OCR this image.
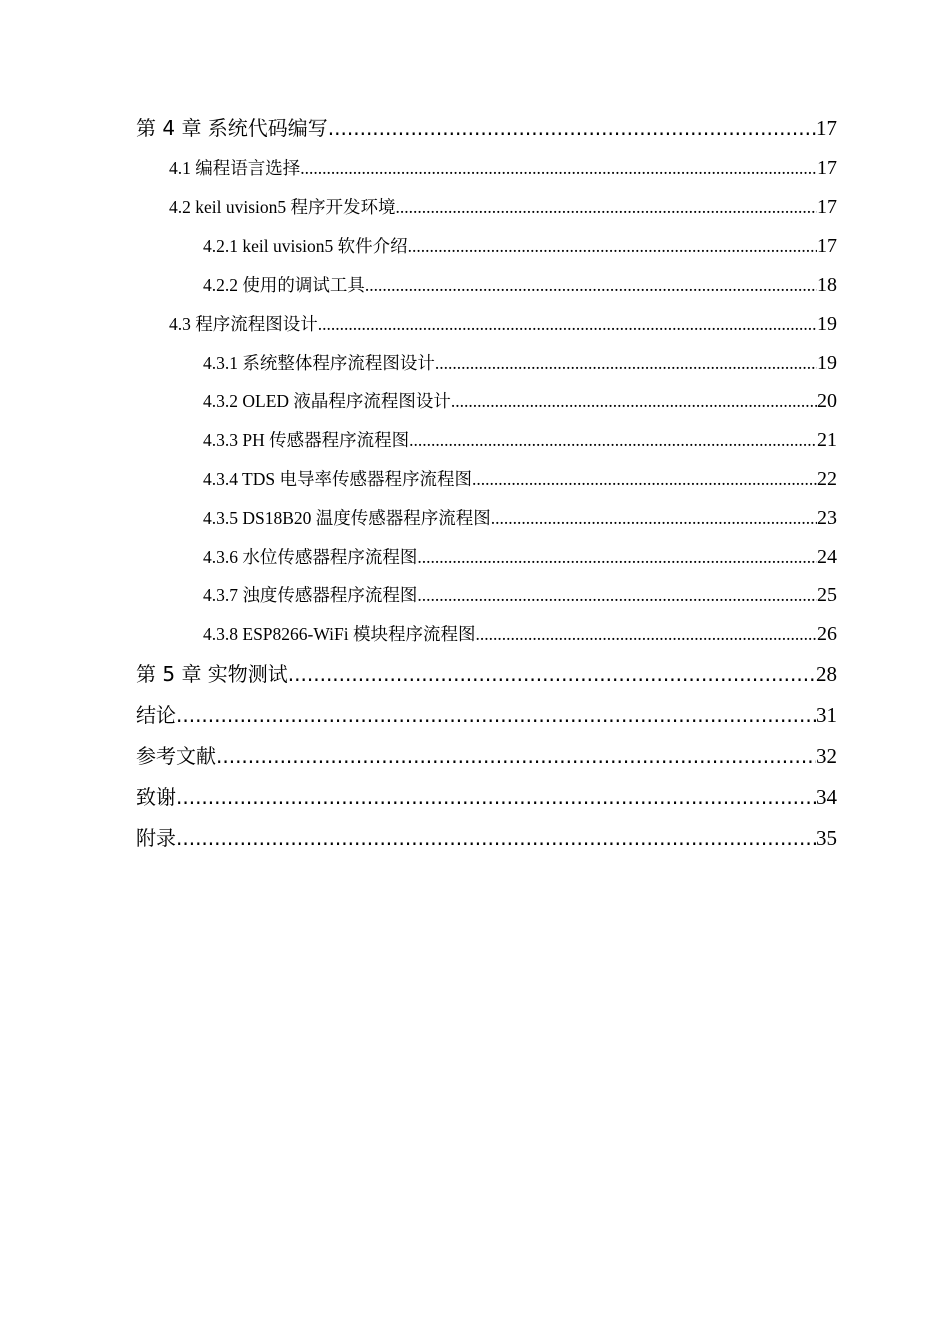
第 4 章 系统代码编写 .....	17
4.1 编程语言选择 .....	17
4.2 keil uvision5 程序开发环境 .....	17
4.2.1 keil uvision5 软件介绍 .....	17
4.2.2 使用的调试工具 .....	18
4.3 程序流程图设计 .....	19
4.3.1 系统整体程序流程图设计 .....	19
4.3.2 OLED 液晶程序流程图设计 .....	20
4.3.3 PH 传感器程序流程图 .....	21
4.3.4 TDS 电导率传感器程序流程图 .....	22
4.3.5 DS18B20 温度传感器程序流程图 .....	23
4.3.6 水位传感器程序流程图 .....	24
4.3.7 浊度传感器程序流程图 .....	25
4.3.8 ESP8266-WiFi 模块程序流程图 .....	26
第 5 章 实物测试 .....	28
结论 .....	31
参考文献 .....	32
致谢 .....	34
附录 .....	35
